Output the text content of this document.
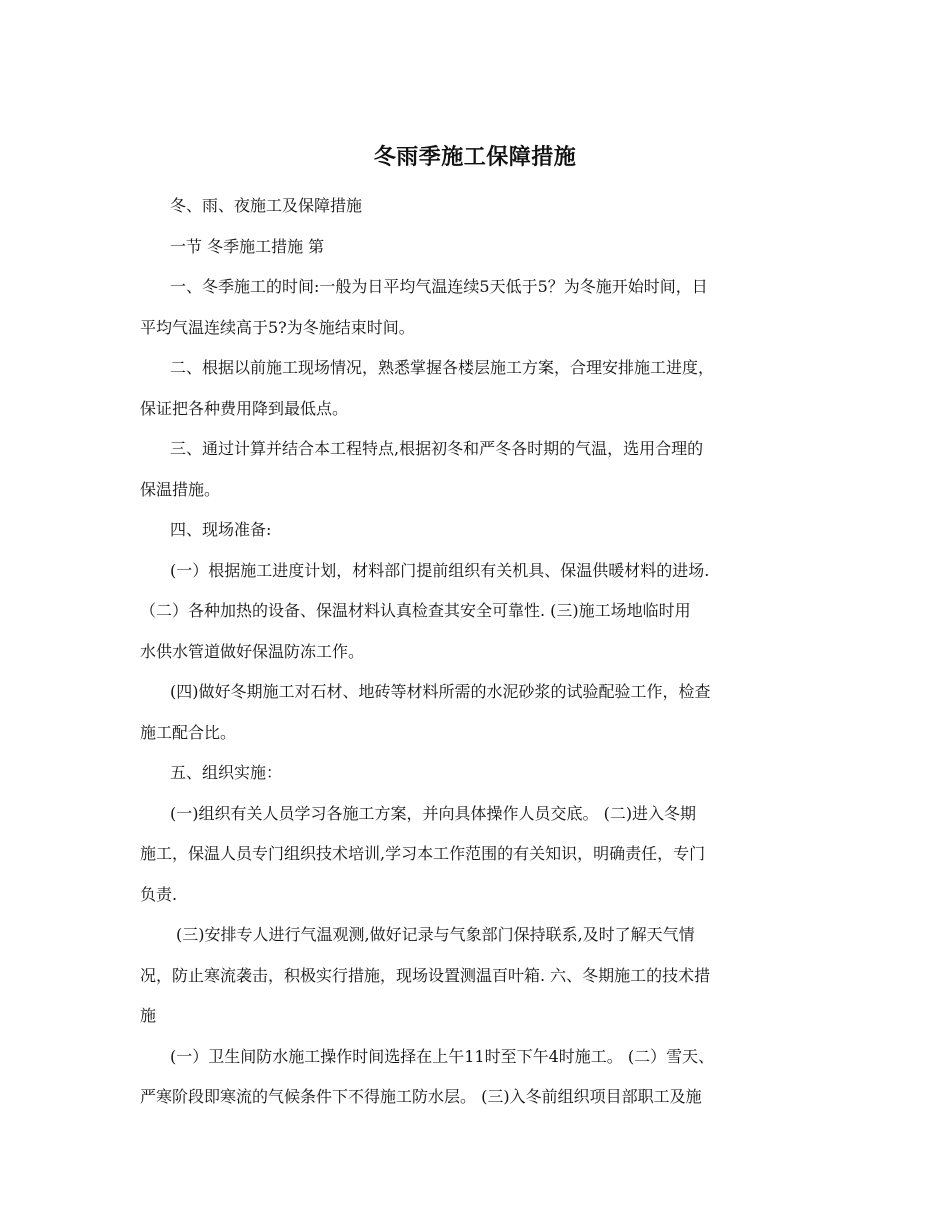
冬雨季施工保障措施

冬、雨、夜施工及保障措施

一节 冬季施工措施 第

一、冬季施工的时间:一般为日平均气温连续5天低于5？为冬施开始时间，日

平均气温连续高于5?为冬施结束时间。

二、根据以前施工现场情况，熟悉掌握各楼层施工方案，合理安排施工进度，

保证把各种费用降到最低点。

三、通过计算并结合本工程特点,根据初冬和严冬各时期的气温，选用合理的

保温措施。

四、现场准备:

(一）根据施工进度计划，材料部门提前组织有关机具、保温供暖材料的进场.

（二）各种加热的设备、保温材料认真检查其安全可靠性. (三)施工场地临时用

水供水管道做好保温防冻工作。

(四)做好冬期施工对石材、地砖等材料所需的水泥砂浆的试验配验工作，检查

施工配合比。

五、组织实施：

(一)组织有关人员学习各施工方案，并向具体操作人员交底。 (二)进入冬期

施工，保温人员专门组织技术培训,学习本工作范围的有关知识，明确责任，专门

负责.

(三)安排专人进行气温观测,做好记录与气象部门保持联系,及时了解天气情

况，防止寒流袭击，积极实行措施，现场设置测温百叶箱. 六、冬期施工的技术措

施

(一）卫生间防水施工操作时间选择在上午11时至下午4时施工。 (二）雪天、

严寒阶段即寒流的气候条件下不得施工防水层。 (三)入冬前组织项目部职工及施
